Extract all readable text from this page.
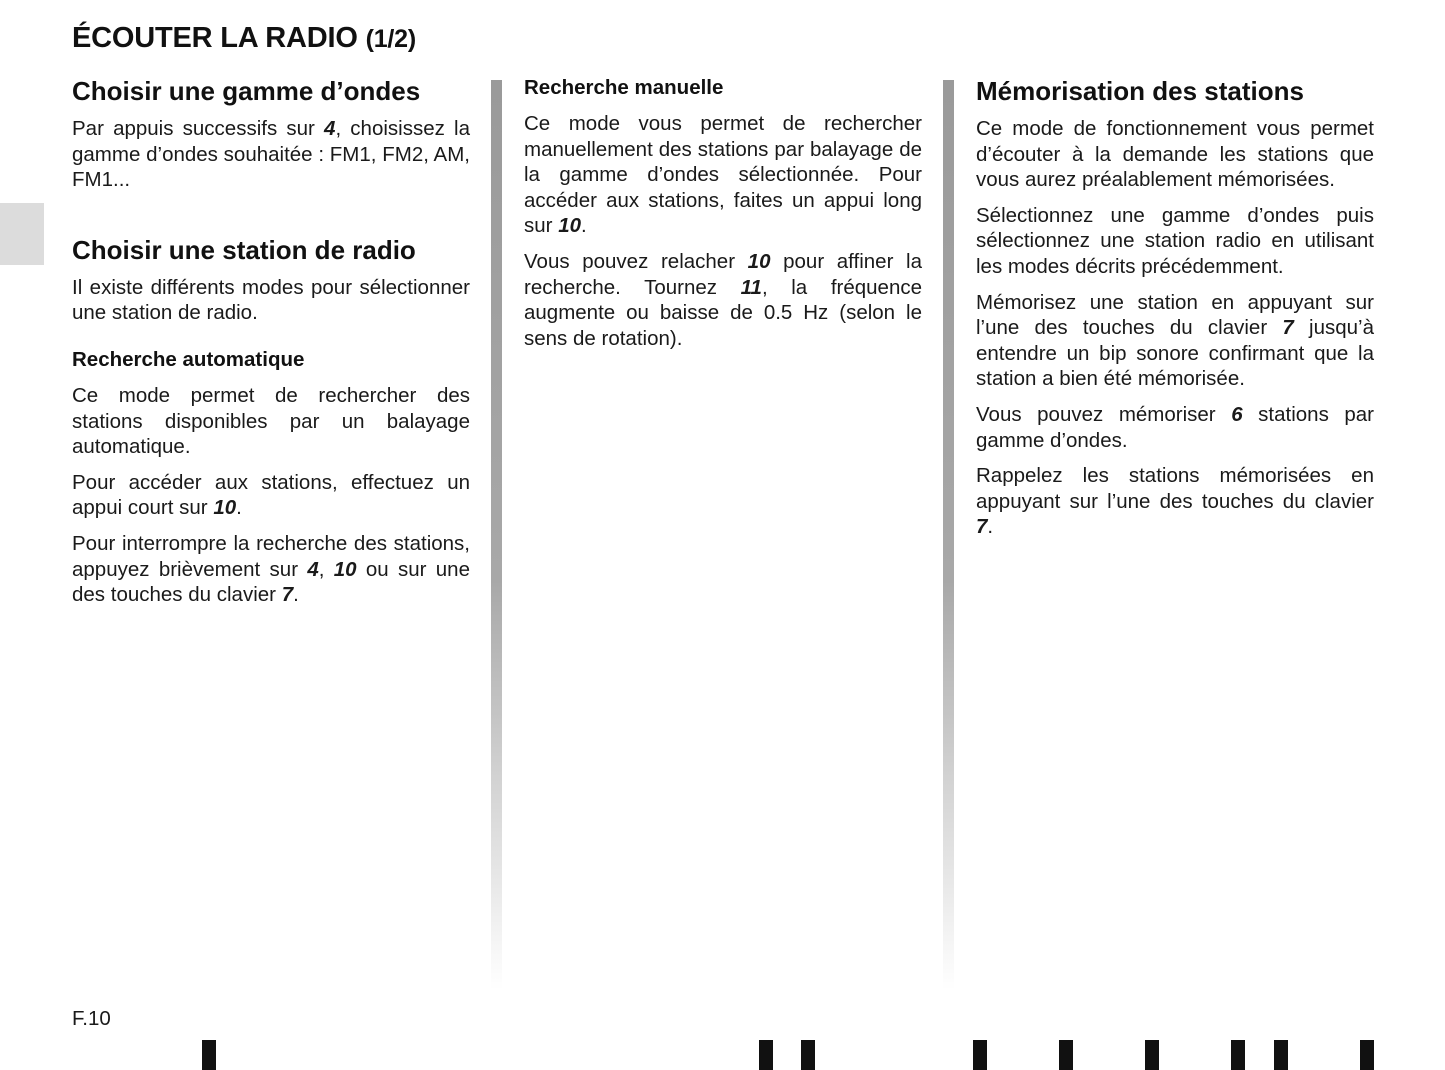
ÉCOUTER LA RADIO (1/2)
Choisir une gamme d’ondes

Par appuis successifs sur 4, choisissez la gamme d’ondes souhaitée : FM1, FM2, AM, FM1...

Choisir une station de radio

Il existe différents modes pour sélectionner une station de radio.

Recherche automatique

Ce mode permet de rechercher des stations disponibles par un balayage automatique.

Pour accéder aux stations, effectuez un appui court sur 10.

Pour interrompre la recherche des stations, appuyez brièvement sur 4, 10 ou sur une des touches du clavier 7.

Recherche manuelle

Ce mode vous permet de rechercher manuellement des stations par balayage de la gamme d’ondes sélectionnée. Pour accéder aux stations, faites un appui long sur 10.

Vous pouvez relacher 10 pour affiner la recherche. Tournez 11, la fréquence augmente ou baisse de 0.5 Hz (selon le sens de rotation).

Mémorisation des stations

Ce mode de fonctionnement vous permet d’écouter à la demande les stations que vous aurez préalablement mémorisées.

Sélectionnez une gamme d’ondes puis sélectionnez une station radio en utilisant les modes décrits précédemment.

Mémorisez une station en appuyant sur l’une des touches du clavier 7 jusqu’à entendre un bip sonore confirmant que la station a bien été mémorisée.

Vous pouvez mémoriser 6 stations par gamme d’ondes.

Rappelez les stations mémorisées en appuyant sur l’une des touches du clavier 7.

F.10
